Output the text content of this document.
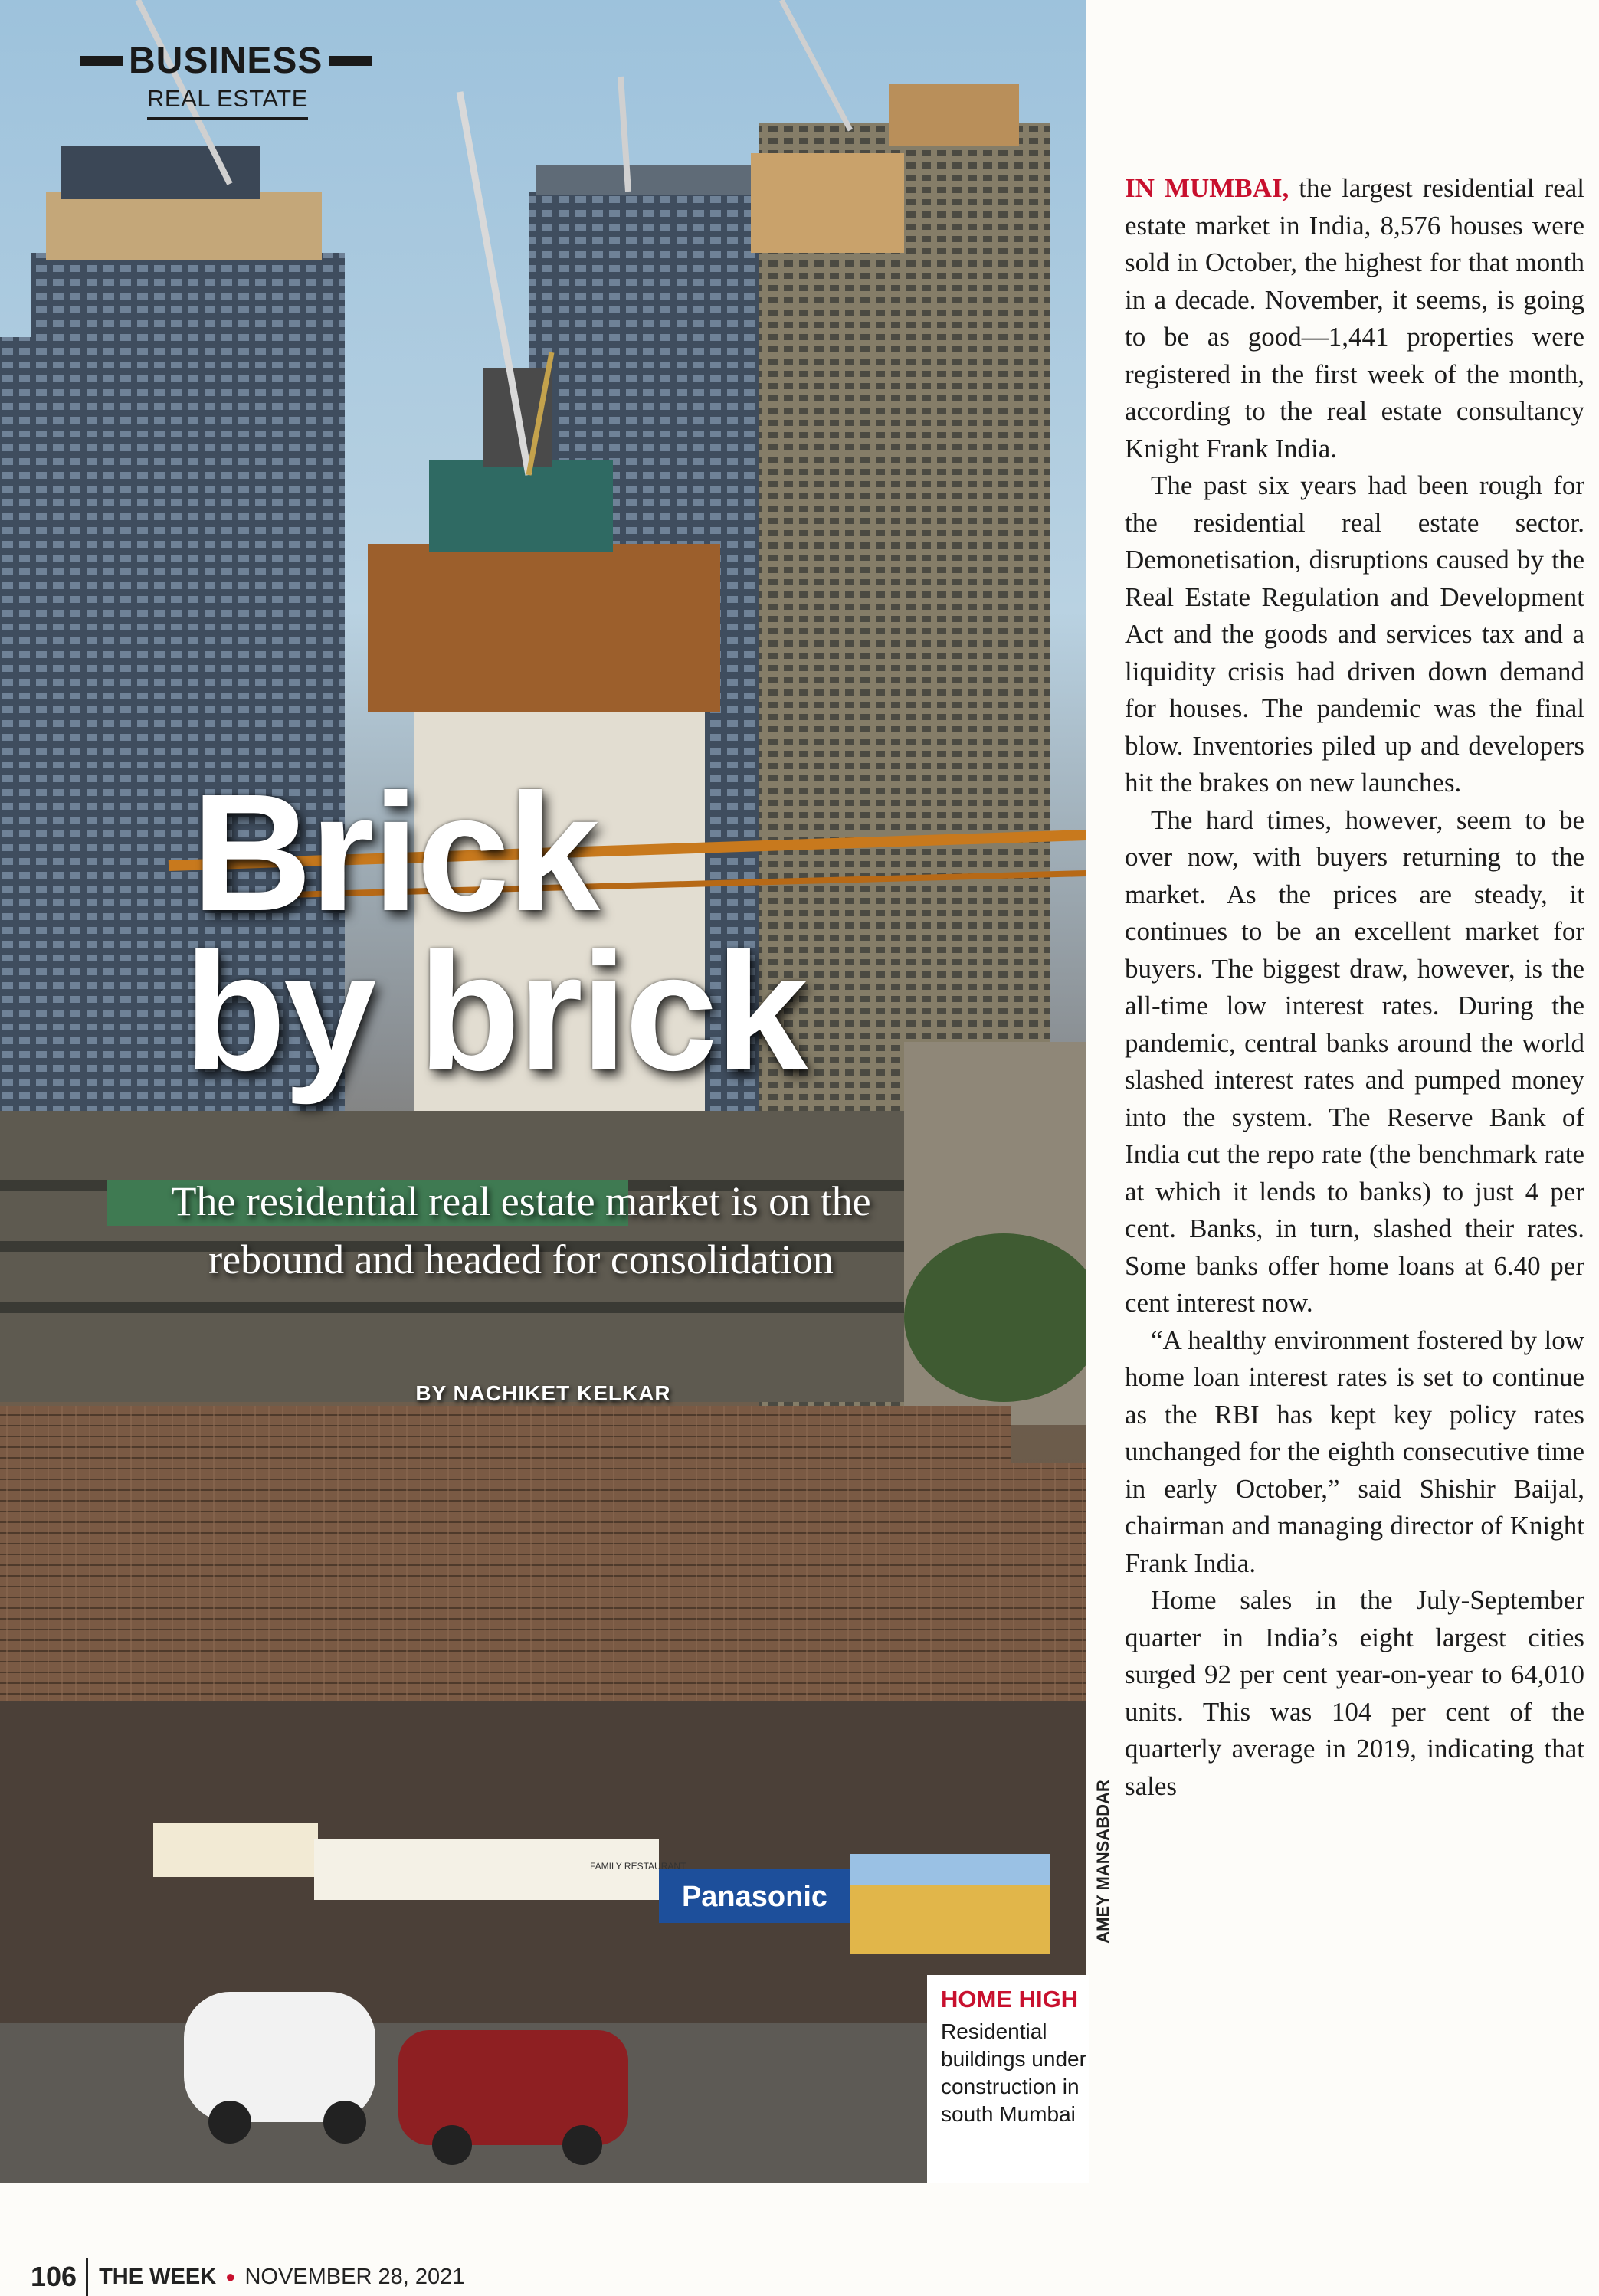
Panasonic
FAMILY RESTAURANT
BUSINESS
REAL ESTATE
Brick
by brick
The residential real estate market is on the rebound and headed for consolidation
BY NACHIKET KELKAR
AMEY MANSABDAR
HOME HIGH
Residential buildings under construction in south Mumbai

IN MUMBAI, the largest residential real estate market in India, 8,576 houses were sold in October, the highest for that month in a decade. November, it seems, is going to be as good—1,441 properties were registered in the first week of the month, according to the real estate consultancy Knight Frank India.

The past six years had been rough for the residential real estate sector. Demonetisation, disruptions caused by the Real Estate Regulation and Development Act and the goods and services tax and a liquidity crisis had driven down demand for houses. The pandemic was the final blow. Inventories piled up and developers hit the brakes on new launches.

The hard times, however, seem to be over now, with buyers returning to the market. As the prices are steady, it continues to be an excellent market for buyers. The biggest draw, however, is the all-time low interest rates. During the pandemic, central banks around the world slashed interest rates and pumped money into the system. The Reserve Bank of India cut the repo rate (the benchmark rate at which it lends to banks) to just 4 per cent. Banks, in turn, slashed their rates. Some banks offer home loans at 6.40 per cent interest now.

“A healthy environment fostered by low home loan interest rates is set to continue as the RBI has kept key policy rates unchanged for the eighth consecutive time in early October,” said Shishir Baijal, chairman and managing director of Knight Frank India.

Home sales in the July-September quarter in India’s eight largest cities surged 92 per cent year-on-year to 64,010 units. This was 104 per cent of the quarterly average in 2019, indicating that sales

106	THE WEEK ● NOVEMBER 28, 2021
